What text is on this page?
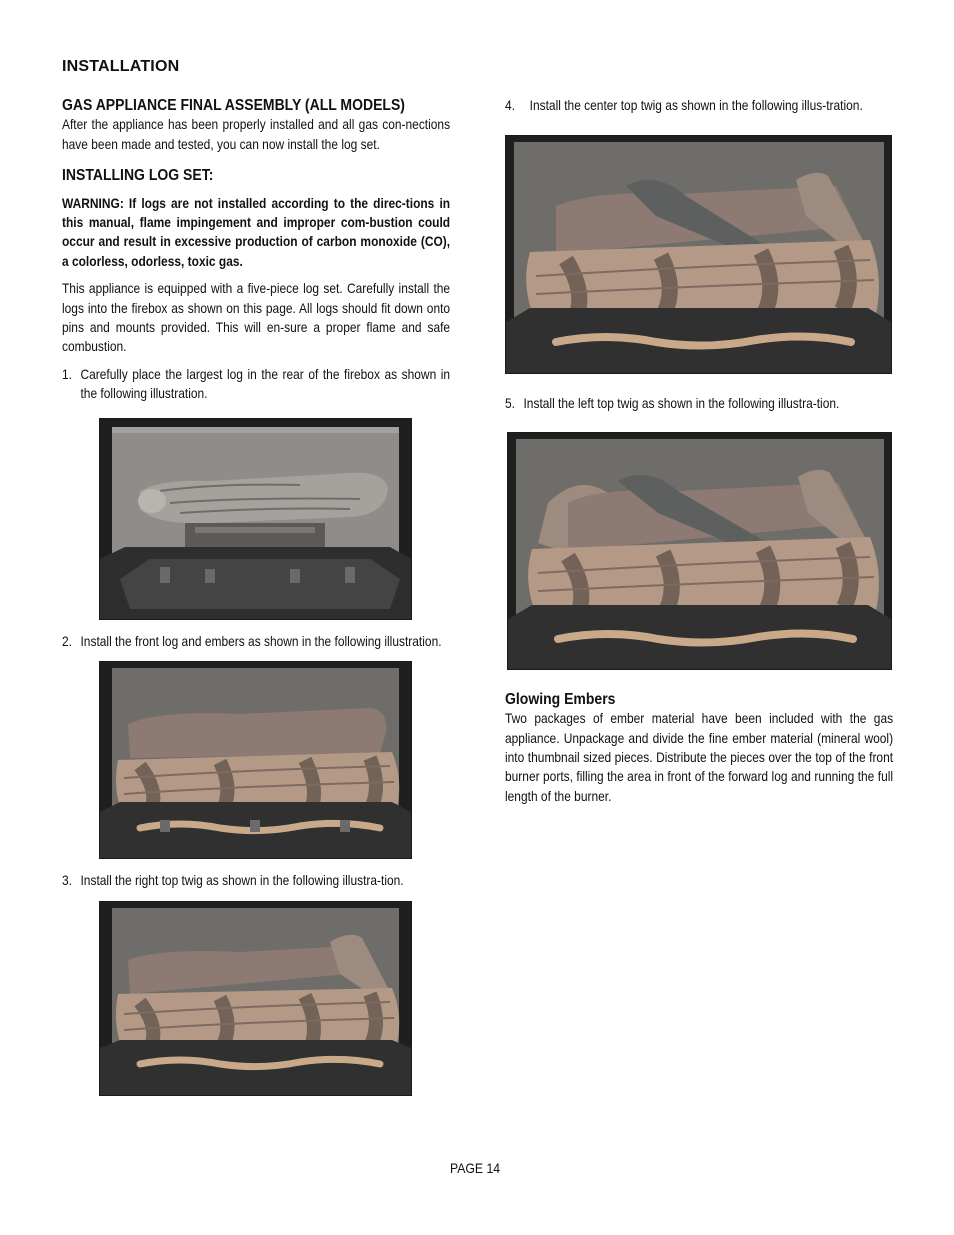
INSTALLATION
GAS APPLIANCE FINAL ASSEMBLY (ALL MODELS)

After the appliance has been properly installed and all gas con-nections have been made and tested, you can now install the log set.

INSTALLING LOG SET:

WARNING: If logs are not installed according to the direc-tions in this manual, flame impingement and improper com-bustion could occur and result in excessive production of carbon monoxide (CO), a colorless, odorless, toxic gas.

This appliance is equipped with a five-piece log set. Carefully install the logs into the firebox as shown on this page. All logs should fit down onto pins and mounts provided. This will en-sure a proper flame and safe combustion.

1. Carefully place the largest log in the rear of the firebox as shown in the following illustration.
2. Install the front log and embers as shown in the following illustration.
3. Install the right top twig as shown in the following illustra-tion.
4.	Install the center top twig as shown in the following illus-tration.
5. Install the left top twig as shown in the following illustra-tion.
Glowing Embers

Two packages of ember material have been included with the gas appliance. Unpackage and divide the fine ember material (mineral wool) into thumbnail sized pieces. Distribute the pieces over the top of the front burner ports, filling the area in front of the forward log and running the full length of the burner.

PAGE 14
